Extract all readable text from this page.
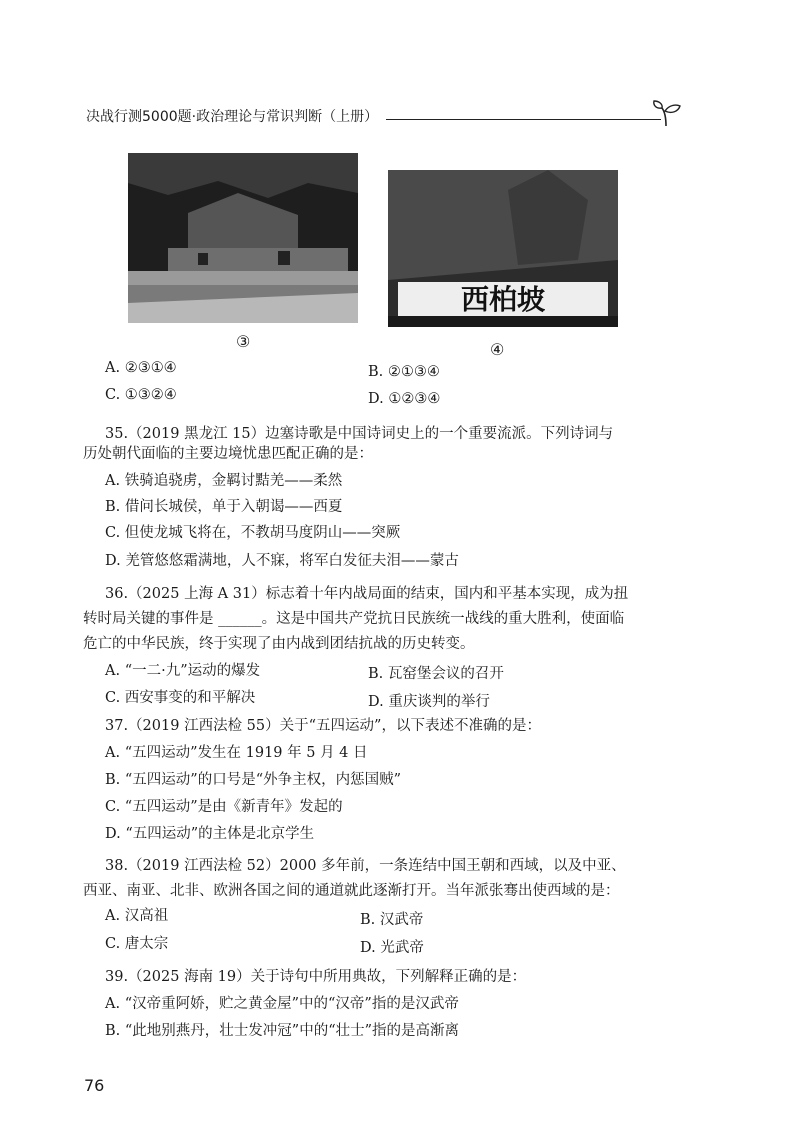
决战行测5000题·政治理论与常识判断（上册）
③
西柏坡
④
A. ②③①④	B. ②①③④
C. ①③②④	D. ①②③④
35.（2019 黑龙江 15）边塞诗歌是中国诗词史上的一个重要流派。下列诗词与
历处朝代面临的主要边境忧患匹配正确的是：
A. 铁骑追骁虏，金羁讨黠羌——柔然
B. 借问长城侯，单于入朝谒——西夏
C. 但使龙城飞将在，不教胡马度阴山——突厥
D. 羌管悠悠霜满地，人不寐，将军白发征夫泪——蒙古
36.（2025 上海 A 31）标志着十年内战局面的结束，国内和平基本实现，成为扭
转时局关键的事件是 ______。这是中国共产党抗日民族统一战线的重大胜利，使面临
危亡的中华民族，终于实现了由内战到团结抗战的历史转变。
A. “一二·九”运动的爆发	B. 瓦窑堡会议的召开
C. 西安事变的和平解决	D. 重庆谈判的举行
37.（2019 江西法检 55）关于“五四运动”，以下表述不准确的是：
A. “五四运动”发生在 1919 年 5 月 4 日
B. “五四运动”的口号是“外争主权，内惩国贼”
C. “五四运动”是由《新青年》发起的
D. “五四运动”的主体是北京学生
38.（2019 江西法检 52）2000 多年前，一条连结中国王朝和西域，以及中亚、
西亚、南亚、北非、欧洲各国之间的通道就此逐渐打开。当年派张骞出使西域的是：
A. 汉高祖	B. 汉武帝
C. 唐太宗	D. 光武帝
39.（2025 海南 19）关于诗句中所用典故，下列解释正确的是：
A. “汉帝重阿娇，贮之黄金屋”中的“汉帝”指的是汉武帝
B. “此地别燕丹，壮士发冲冠”中的“壮士”指的是高渐离
76
